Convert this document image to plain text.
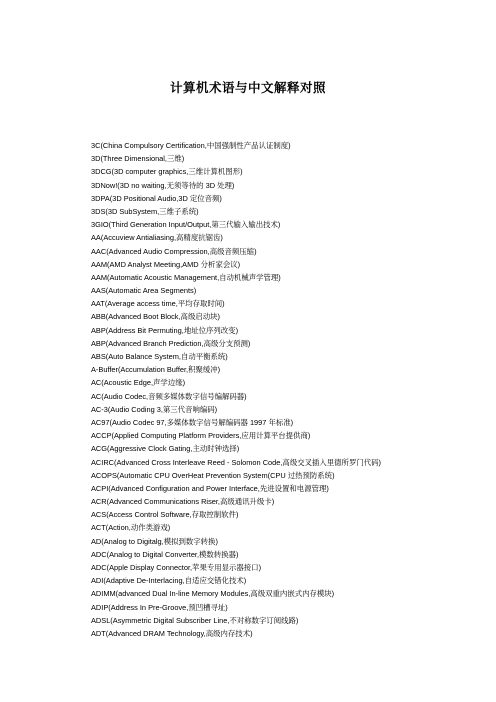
计算机术语与中文解释对照
3C(China Compulsory Certification,中国强制性产品认证制度)
3D(Three Dimensional,三维)
3DCG(3D computer graphics,三维计算机图形)
3DNow!(3D no waiting,无须等待的 3D 处理)
3DPA(3D Positional Audio,3D 定位音频)
3DS(3D SubSystem,三维子系统)
3GIO(Third Generation Input/Output,第三代输入输出技术)
AA(Accuview Antialiasing,高精度抗锯齿)
AAC(Advanced Audio Compression,高级音频压缩)
AAM(AMD Analyst Meeting,AMD 分析家会议)
AAM(Automatic Acoustic Management,自动机械声学管理)
AAS(Automatic Area Segments)
AAT(Average access time,平均存取时间)
ABB(Advanced Boot Block,高级启动块)
ABP(Address Bit Permuting,地址位序列改变)
ABP(Advanced Branch Prediction,高级分支预测)
ABS(Auto Balance System,自动平衡系统)
A-Buffer(Accumulation Buffer,积聚缓冲)
AC(Acoustic Edge,声学边缘)
AC(Audio Codec,音频多媒体数字信号编解码器)
AC-3(Audio Coding 3,第三代音响编码)
AC97(Audio Codec 97,多媒体数字信号解编码器 1997 年标准)
ACCP(Applied Computing Platform Providers,应用计算平台提供商)
ACG(Aggressive Clock Gating,主动时钟选择)
ACIRC(Advanced Cross Interleave Reed - Solomon Code,高级交叉插入里德所罗门代码)
ACOPS(Automatic CPU OverHeat Prevention System(CPU 过热预防系统)
ACPI(Advanced Configuration and Power Interface,先进设置和电源管理)
ACR(Advanced Communications Riser,高级通讯升级卡)
ACS(Access Control Software,存取控制软件)
ACT(Action,动作类游戏)
AD(Analog to Digitalg,模拟到数字转换)
ADC(Analog to Digital Converter,模数转换器)
ADC(Apple Display Connector,苹果专用显示器接口)
ADI(Adaptive De-Interlacing,自适应交错化技术)
ADIMM(advanced Dual In-line Memory Modules,高级双重内嵌式内存模块)
ADIP(Address In Pre-Groove,预凹槽寻址)
ADSL(Asymmetric Digital Subscriber Line,不对称数字订阅线路)
ADT(Advanced DRAM Technology,高级内存技术)
